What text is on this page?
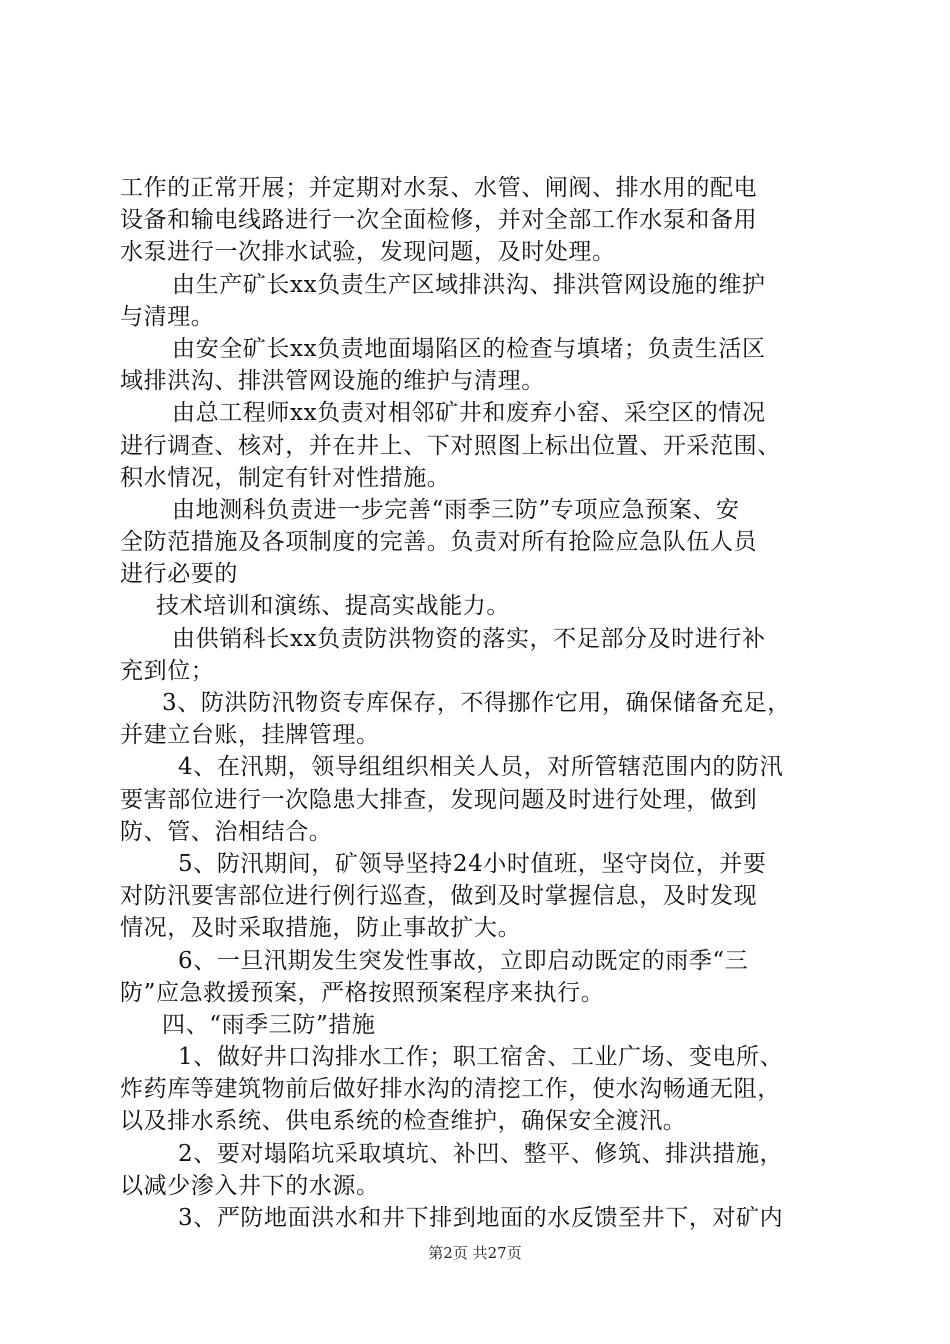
工作的正常开展；并定期对水泵、水管、闸阀、排水用的配电
设备和输电线路进行一次全面检修，并对全部工作水泵和备用
水泵进行一次排水试验，发现问题，及时处理。
由生产矿长xx负责生产区域排洪沟、排洪管网设施的维护
与清理。
由安全矿长xx负责地面塌陷区的检查与填堵；负责生活区
域排洪沟、排洪管网设施的维护与清理。
由总工程师xx负责对相邻矿井和废弃小窑、采空区的情况
进行调查、核对，并在井上、下对照图上标出位置、开采范围、
积水情况，制定有针对性措施。
由地测科负责进一步完善“雨季三防”专项应急预案、安
全防范措施及各项制度的完善。负责对所有抢险应急队伍人员
进行必要的
技术培训和演练、提高实战能力。
由供销科长xx负责防洪物资的落实，不足部分及时进行补
充到位；
3、防洪防汛物资专库保存，不得挪作它用，确保储备充足，
并建立台账，挂牌管理。
4、在汛期，领导组组织相关人员，对所管辖范围内的防汛
要害部位进行一次隐患大排查，发现问题及时进行处理，做到
防、管、治相结合。
5、防汛期间，矿领导坚持24小时值班，坚守岗位，并要
对防汛要害部位进行例行巡查，做到及时掌握信息，及时发现
情况，及时采取措施，防止事故扩大。
6、一旦汛期发生突发性事故，立即启动既定的雨季“三
防”应急救援预案，严格按照预案程序来执行。
四、“雨季三防”措施
1、做好井口沟排水工作；职工宿舍、工业广场、变电所、
炸药库等建筑物前后做好排水沟的清挖工作，使水沟畅通无阻，
以及排水系统、供电系统的检查维护，确保安全渡汛。
2、要对塌陷坑采取填坑、补凹、整平、修筑、排洪措施，
以减少渗入井下的水源。
3、严防地面洪水和井下排到地面的水反馈至井下，对矿内
第2页 共27页
